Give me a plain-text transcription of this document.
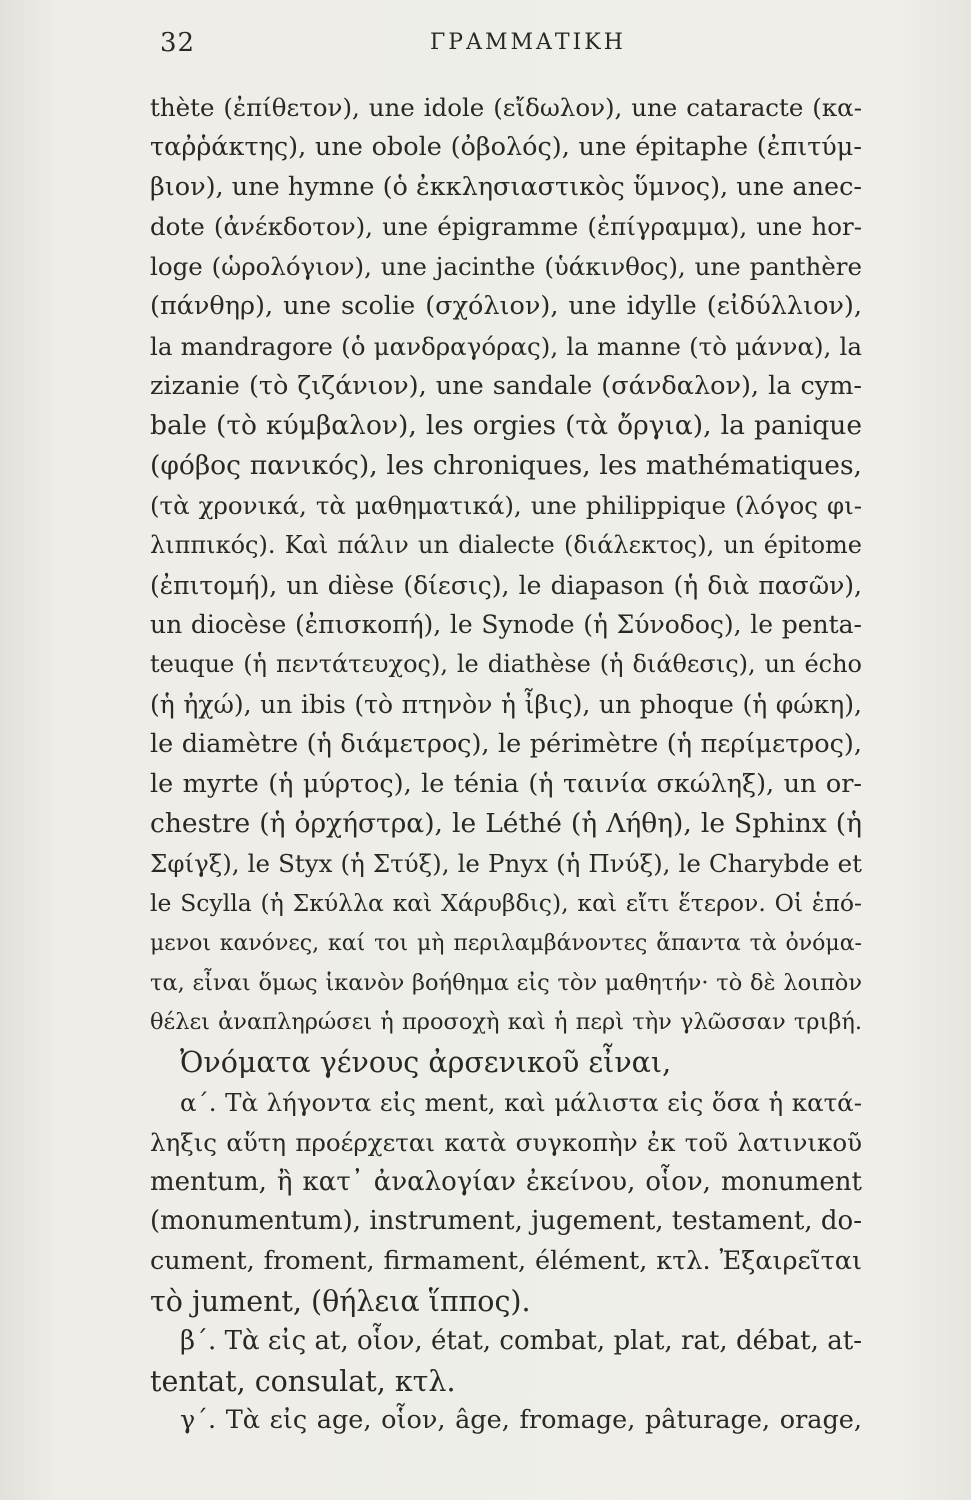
32	ΓΡΑΜΜΑΤΙΚΗ
thète (ἐπίθετον), une idole (εἴδωλον), une cataracte (κα-
ταῤῥάκτης), une obole (ὀβολός), une épitaphe (ἐπιτύμ-
βιον), une hymne (ὁ ἐκκλησιαστικὸς ὕμνος), une anec-
dote (ἀνέκδοτον), une épigramme (ἐπίγραμμα), une hor-
loge (ὡρολόγιον), une jacinthe (ὑάκινθος), une panthère
(πάνθηρ), une scolie (σχόλιον), une idylle (εἰδύλλιον),
la mandragore (ὁ μανδραγόρας), la manne (τὸ μάννα), la
zizanie (τὸ ζιζάνιον), une sandale (σάνδαλον), la cym-
bale (τὸ κύμβαλον), les orgies (τὰ ὄργια), la panique
(φόβος πανικός), les chroniques, les mathématiques,
(τὰ χρονικά, τὰ μαθηματικά), une philippique (λόγος φι-
λιππικός). Καὶ πάλιν un dialecte (διάλεκτος), un épitome
(ἐπιτομή), un dièse (δίεσις), le diapason (ἡ διὰ πασῶν),
un diocèse (ἐπισκοπή), le Synode (ἡ Σύνοδος), le penta-
teuque (ἡ πεντάτευχος), le diathèse (ἡ διάθεσις), un écho
(ἡ ἠχώ), un ibis (τὸ πτηνὸν ἡ ἶβις), un phoque (ἡ φώκη),
le diamètre (ἡ διάμετρος), le périmètre (ἡ περίμετρος),
le myrte (ἡ μύρτος), le ténia (ἡ ταινία σκώληξ), un or-
chestre (ἡ ὀρχήστρα), le Léthé (ἡ Λήθη), le Sphinx (ἡ
Σφίγξ), le Styx (ἡ Στύξ), le Pnyx (ἡ Πνύξ), le Charybde et
le Scylla (ἡ Σκύλλα καὶ Χάρυβδις), καὶ εἴτι ἕτερον. Οἱ ἑπό-
μενοι κανόνες, καί τοι μὴ περιλαμβάνοντες ἅπαντα τὰ ὀνόμα-
τα, εἶναι ὅμως ἱκανὸν βοήθημα εἰς τὸν μαθητήν· τὸ δὲ λοιπὸν
θέλει ἀναπληρώσει ἡ προσοχὴ καὶ ἡ περὶ τὴν γλῶσσαν τριβή.
Ὀνόματα γένους ἀρσενικοῦ εἶναι,
α΄. Τὰ λήγοντα εἰς ment, καὶ μάλιστα εἰς ὅσα ἡ κατά-
ληξις αὕτη προέρχεται κατὰ συγκοπὴν ἐκ τοῦ λατινικοῦ
mentum, ἢ κατ᾽ ἀναλογίαν ἐκείνου, οἷον, monument
(monumentum), instrument, jugement, testament, do-
cument, froment, firmament, élément, κτλ. Ἐξαιρεῖται
τὸ jument, (θήλεια ἵππος).
β΄. Τὰ εἰς at, οἷον, état, combat, plat, rat, débat, at-
tentat, consulat, κτλ.
γ΄. Τὰ εἰς age, οἷον, âge, fromage, pâturage, orage,
